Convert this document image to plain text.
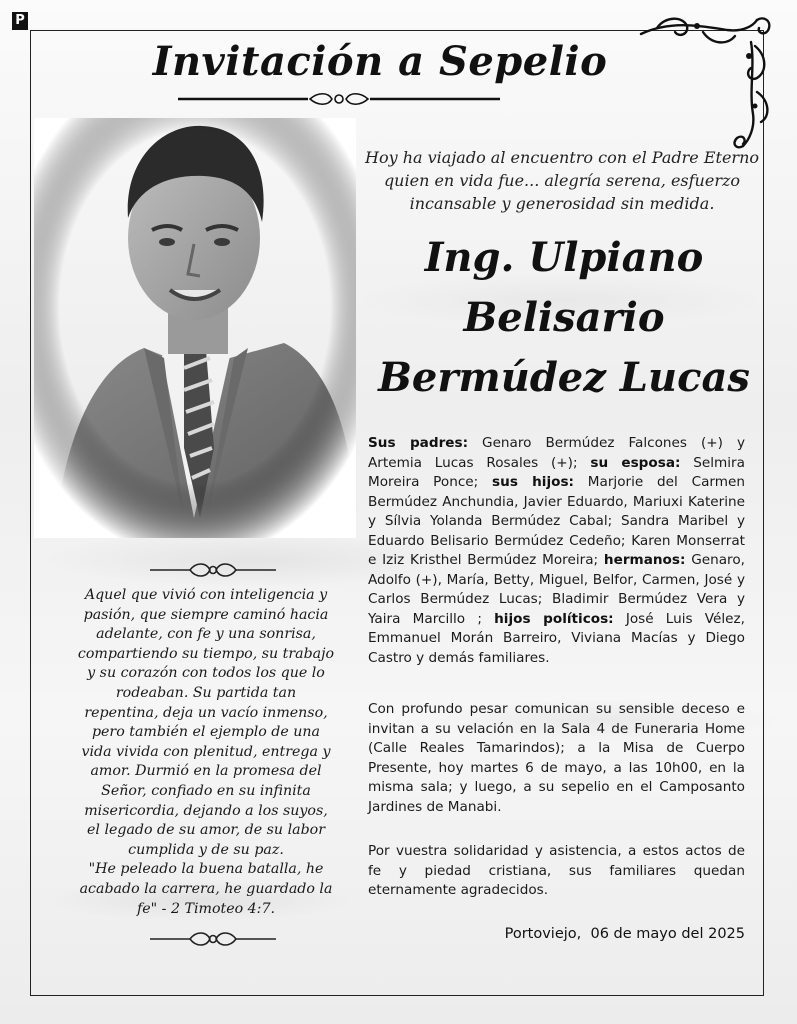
P
Invitación a Sepelio
Hoy ha viajado al encuentro con el Padre Eterno quien en vida fue... alegría serena, esfuerzo incansable y generosidad sin medida.
Ing. Ulpiano
Belisario
Bermúdez Lucas
Sus padres: Genaro Bermúdez Falcones (+) y Artemia Lucas Rosales (+); su esposa: Selmira Moreira Ponce; sus hijos: Marjorie del Carmen Bermúdez Anchundia, Javier Eduardo, Mariuxi Katerine y Sílvia Yolanda Bermúdez Cabal; Sandra Maribel y Eduardo Belisario Bermúdez Cedeño; Karen Monserrat e Iziz Kristhel Bermúdez Moreira; hermanos: Genaro, Adolfo (+), María, Betty, Miguel, Belfor, Carmen, José y Carlos Bermúdez Lucas; Bladimir Bermúdez Vera y Yaira Marcillo ; hijos políticos: José Luis Vélez, Emmanuel Morán Barreiro, Viviana Macías y Diego Castro y demás familiares.
Con profundo pesar comunican su sensible deceso e invitan a su velación en la Sala 4 de Funeraria Home (Calle Reales Tamarindos); a la Misa de Cuerpo Presente, hoy martes 6 de mayo, a las 10h00, en la misma sala; y luego, a su sepelio en el Camposanto Jardines de Manabi.
Por vuestra solidaridad y asistencia, a estos actos de fe y piedad cristiana, sus familiares quedan eternamente agradecidos.
Portoviejo,  06 de mayo del 2025
Aquel que vivió con inteligencia y
pasión, que siempre caminó hacia
adelante, con fe y una sonrisa,
compartiendo su tiempo, su trabajo
y su corazón con todos los que lo
rodeaban. Su partida tan
repentina, deja un vacío inmenso,
pero también el ejemplo de una
vida vivida con plenitud, entrega y
amor. Durmió en la promesa del
Señor, confiado en su infinita
misericordia, dejando a los suyos,
el legado de su amor, de su labor
cumplida y de su paz.
"He peleado la buena batalla, he
acabado la carrera, he guardado la
fe" - 2 Timoteo 4:7.
